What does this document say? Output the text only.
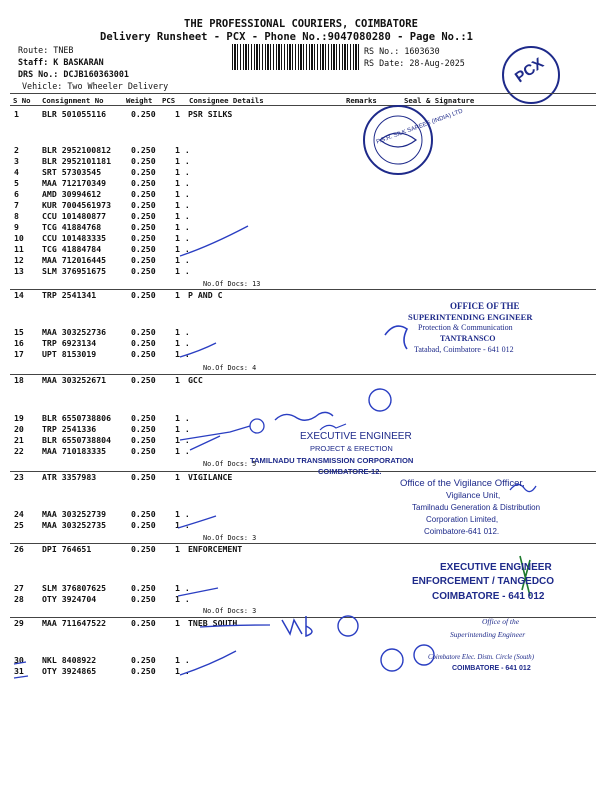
THE PROFESSIONAL COURIERS, COIMBATORE
Delivery Runsheet - PCX - Phone No.:9047080280 - Page No.:1
Route: TNEB
Staff: K BASKARAN
DRS No.: DCJB160363001
Vehicle: Two Wheeler Delivery
RS No.: 1603630
RS Date: 28-Aug-2025	PCX
S No Consignment No	Weight PCS Consignee Details	Remarks	Seal & Signature
1	BLR 501055116	0.250 1 PSR SILKS
2	BLR 2952100812 0.250 1 .
3	BLR 2952101181 0.250 1 .
4	SRT 57303545	0.250 1 .
5	MAA 712170349	0.250 1 .
6	AMD 30994612	0.250 1 .
7	KUR 7004561973 0.250 1 .
8	CCU 101480877	0.250 1 .
9	TCG 41884768	0.250 1 .
10 CCU 101483335	0.250 1 .
11 TCG 41884784	0.250 1 .
12 MAA 712016445	0.250 1 .
13 SLM 376951675	0.250 1 .
No.Of Docs: 13
14 TRP 2541341	0.250 1 P AND C
15 MAA 303252736	0.250 1 .
16 TRP 6923134	0.250 1 .
17 UPT 8153019	0.250 1 .
No.Of Docs: 4
18 MAA 303252671	0.250 1 GCC
19 BLR 6550738806 0.250 1 .
20 TRP 2541336	0.250 1 .
21 BLR 6550738804 0.250 1 .
22 MAA 710183335	0.250 1 .
No.Of Docs: 5
23 ATR 3357983	0.250 1 VIGILANCE
24 MAA 303252739	0.250 1 .
25 MAA 303252735	0.250 1 .
No.Of Docs: 3
26 DPI 764651	0.250 1 ENFORCEMENT
27 SLM 376807625	0.250 1 .
28 OTY 3924704	0.250 1 .
No.Of Docs: 3
29 MAA 711647522	0.250 1 TNEB SOUTH
30 NKL 8408922	0.250 1 .
31 OTY 3924865	0.250 1 .
P.S.R. SILK SAREES (INDIA) LTD
OFFICE OF THE
SUPERINTENDING ENGINEER
Protection & Communication
TANTRANSCO
Tatabad, Coimbatore - 641 012
EXECUTIVE ENGINEER
PROJECT & ERECTION
TAMILNADU TRANSMISSION CORPORATION
COIMBATORE-12.
Office of the Vigilance Officer,
Vigilance Unit,
Tamilnadu Generation & Distribution
Corporation Limited,
Coimbatore-641 012.
EXECUTIVE ENGINEER
ENFORCEMENT / TANGEDCO
COIMBATORE - 641 012
Office of the
Superintending Engineer
Coimbatore Elec. Distn. Circle (South)
COIMBATORE - 641 012
